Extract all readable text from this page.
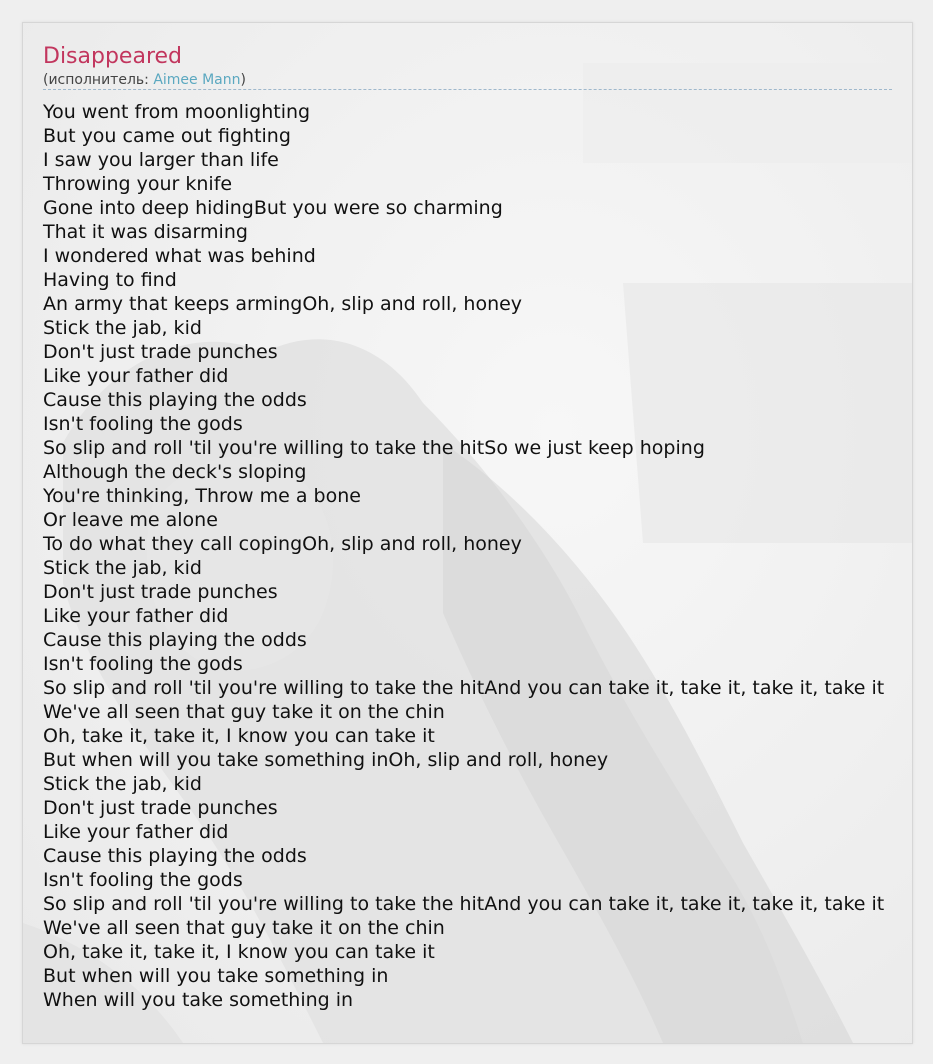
Disappeared
(исполнитель: Aimee Mann)
You went from moonlighting
But you came out fighting
I saw you larger than life
Throwing your knife
Gone into deep hidingBut you were so charming
That it was disarming
I wondered what was behind
Having to find
An army that keeps armingOh, slip and roll, honey
Stick the jab, kid
Don't just trade punches
Like your father did
Cause this playing the odds
Isn't fooling the gods
So slip and roll 'til you're willing to take the hitSo we just keep hoping
Although the deck's sloping
You're thinking, Throw me a bone
Or leave me alone
To do what they call copingOh, slip and roll, honey
Stick the jab, kid
Don't just trade punches
Like your father did
Cause this playing the odds
Isn't fooling the gods
So slip and roll 'til you're willing to take the hitAnd you can take it, take it, take it, take it
We've all seen that guy take it on the chin
Oh, take it, take it, I know you can take it
But when will you take something inOh, slip and roll, honey
Stick the jab, kid
Don't just trade punches
Like your father did
Cause this playing the odds
Isn't fooling the gods
So slip and roll 'til you're willing to take the hitAnd you can take it, take it, take it, take it
We've all seen that guy take it on the chin
Oh, take it, take it, I know you can take it
But when will you take something in
When will you take something in
